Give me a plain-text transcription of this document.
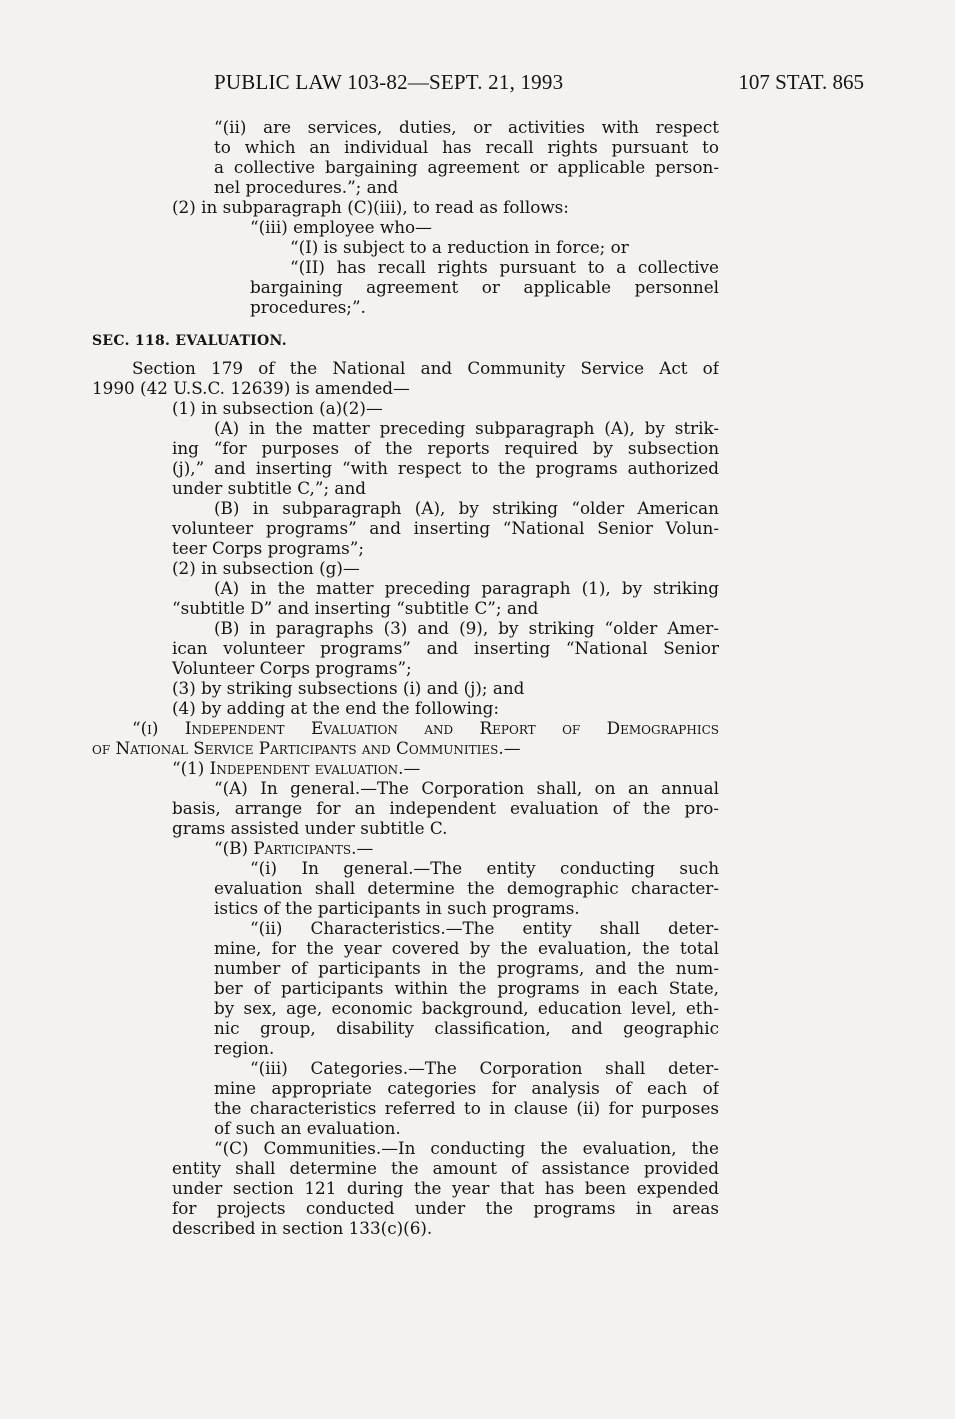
PUBLIC LAW 103-82—SEPT. 21, 1993	107 STAT. 865
“(ii) are services, duties, or activities with respect
to which an individual has recall rights pursuant to
a collective bargaining agreement or applicable person-
nel procedures.”; and
(2) in subparagraph (C)(iii), to read as follows:
“(iii) employee who—
“(I) is subject to a reduction in force; or
“(II) has recall rights pursuant to a collective
bargaining agreement or applicable personnel
procedures;”.
SEC. 118. EVALUATION.
Section 179 of the National and Community Service Act of
1990 (42 U.S.C. 12639) is amended—
(1) in subsection (a)(2)—
(A) in the matter preceding subparagraph (A), by strik-
ing “for purposes of the reports required by subsection
(j),” and inserting “with respect to the programs authorized
under subtitle C,”; and
(B) in subparagraph (A), by striking “older American
volunteer programs” and inserting “National Senior Volun-
teer Corps programs”;
(2) in subsection (g)—
(A) in the matter preceding paragraph (1), by striking
“subtitle D” and inserting “subtitle C”; and
(B) in paragraphs (3) and (9), by striking “older Amer-
ican volunteer programs” and inserting “National Senior
Volunteer Corps programs”;
(3) by striking subsections (i) and (j); and
(4) by adding at the end the following:
“(i) Independent Evaluation and Report of Demographics
of National Service Participants and Communities.—
“(1) Independent evaluation.—
“(A) In general.—The Corporation shall, on an annual
basis, arrange for an independent evaluation of the pro-
grams assisted under subtitle C.
“(B) Participants.—
“(i) In general.—The entity conducting such
evaluation shall determine the demographic character-
istics of the participants in such programs.
“(ii) Characteristics.—The entity shall deter-
mine, for the year covered by the evaluation, the total
number of participants in the programs, and the num-
ber of participants within the programs in each State,
by sex, age, economic background, education level, eth-
nic group, disability classification, and geographic
region.
“(iii) Categories.—The Corporation shall deter-
mine appropriate categories for analysis of each of
the characteristics referred to in clause (ii) for purposes
of such an evaluation.
“(C) Communities.—In conducting the evaluation, the
entity shall determine the amount of assistance provided
under section 121 during the year that has been expended
for projects conducted under the programs in areas
described in section 133(c)(6).
